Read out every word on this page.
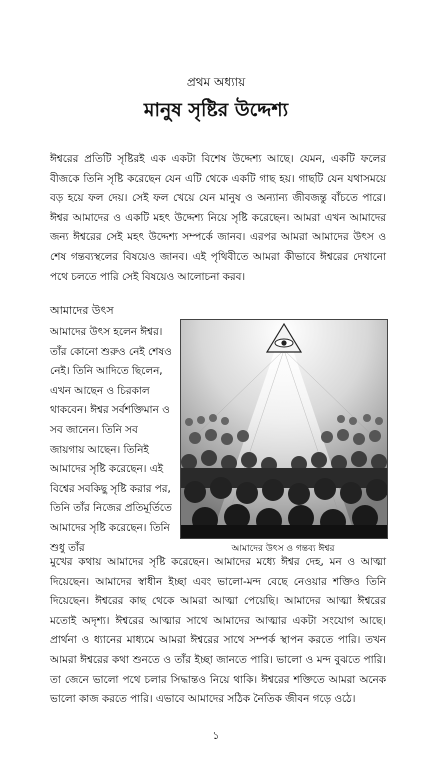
প্রথম অধ্যায়
মানুষ সৃষ্টির উদ্দেশ্য

ঈশ্বরের প্রতিটি সৃষ্টিরই এক একটা বিশেষ উদ্দেশ্য আছে। যেমন, একটি ফলের বীজকে তিনি সৃষ্টি করেছেন যেন এটি থেকে একটি গাছ হয়। গাছটি যেন যথাসময়ে বড় হয়ে ফল দেয়। সেই ফল খেয়ে যেন মানুষ ও অন্যান্য জীবজন্তু বাঁচতে পারে। ঈশ্বর আমাদের ও একটি মহৎ উদ্দেশ্য নিয়ে সৃষ্টি করেছেন। আমরা এখন আমাদের জন্য ঈশ্বরের সেই মহৎ উদ্দেশ্য সম্পর্কে জানব। এরপর আমরা আমাদের উৎস ও শেষ গন্তব্যস্থলের বিষয়েও জানব। এই পৃথিবীতে আমরা কীভাবে ঈশ্বরের দেখানো পথে চলতে পারি সেই বিষয়েও আলোচনা করব।

আমাদের উৎস

আমাদের উৎস হলেন ঈশ্বর। তাঁর কোনো শুরুও নেই শেষও নেই। তিনি আদিতে ছিলেন, এখন আছেন ও চিরকাল থাকবেন। ঈশ্বর সর্বশক্তিমান ও সব জানেন। তিনি সব জায়গায় আছেন। তিনিই আমাদের সৃষ্টি করেছেন। এই বিশ্বের সবকিছু সৃষ্টি করার পর, তিনি তাঁর নিজের প্রতিমূর্তিতে আমাদের সৃষ্টি করেছেন। তিনি শুধু তাঁর	আমাদের উৎস ও গন্তব্য ঈশ্বর

মুখের কথায় আমাদের সৃষ্টি করেছেন। আমাদের মধ্যে ঈশ্বর দেহ, মন ও আত্মা দিয়েছেন। আমাদের স্বাধীন ইচ্ছা এবং ভালো-মন্দ বেছে নেওয়ার শক্তিও তিনি দিয়েছেন। ঈশ্বরের কাছ থেকে আমরা আত্মা পেয়েছি। আমাদের আত্মা ঈশ্বরের মতোই অদৃশ্য। ঈশ্বরের আত্মার সাথে আমাদের আত্মার একটা সংযোগ আছে। প্রার্থনা ও ধ্যানের মাধ্যমে আমরা ঈশ্বরের সাথে সম্পর্ক স্থাপন করতে পারি। তখন আমরা ঈশ্বরের কথা শুনতে ও তাঁর ইচ্ছা জানতে পারি। ভালো ও মন্দ বুঝতে পারি। তা জেনে ভালো পথে চলার সিদ্ধান্তও নিয়ে থাকি। ঈশ্বরের শক্তিতে আমরা অনেক ভালো কাজ করতে পারি। এভাবে আমাদের সঠিক নৈতিক জীবন গড়ে ওঠে।

১
